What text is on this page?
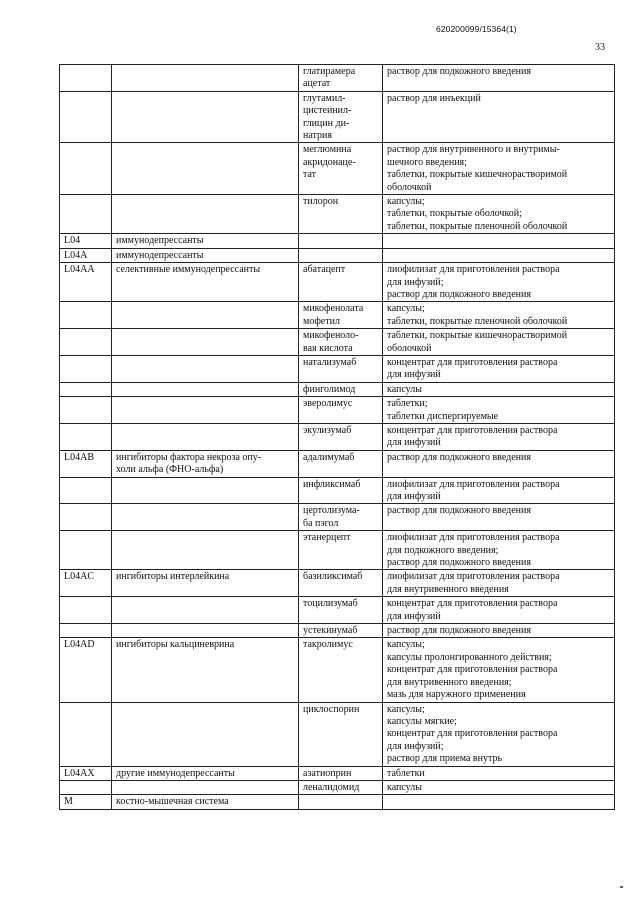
620200099/15364(1)
33

		глатирамера
ацетат	раствор для подкожного введения

		глутамил-
цистеинил-
глицин ди-
натрия	раствор для инъекций

		меглюмина
акридонаце-
тат	раствор для внутривенного и внутримы-
шечного введения;
таблетки, покрытые кишечнорастворимой
оболочкой

		тилорон	капсулы;
таблетки, покрытые оболочкой;
таблетки, покрытые пленочной оболочкой

L04	иммунодепрессанты		

L04A	иммунодепрессанты		

L04AA	селективные иммунодепрессанты	абатацепт	лиофилизат для приготовления раствора
для инфузий;
раствор для подкожного введения

		микофенолата
мофетил	капсулы;
таблетки, покрытые пленочной оболочкой

		микофеноло-
вая кислота	таблетки, покрытые кишечнорастворимой
оболочкой

		натализумаб	концентрат для приготовления раствора
для инфузий

		финголимод	капсулы

		эверолимус	таблетки;
таблетки диспергируемые

		экулизумаб	концентрат для приготовления раствора
для инфузий

L04AB	ингибиторы фактора некроза опу-
холи альфа (ФНО-альфа)	адалимумаб	раствор для подкожного введения

		инфликсимаб	лиофилизат для приготовления раствора
для инфузий

		цертолизума-
ба пэгол	раствор для подкожного введения

		этанерцепт	лиофилизат для приготовления раствора
для подкожного введения;
раствор для подкожного введения

L04AC	ингибиторы интерлейкина	базиликсимаб	лиофилизат для приготовления раствора
для внутривенного введения

		тоцилизумаб	концентрат для приготовления раствора
для инфузий

		устекинумаб	раствор для подкожного введения

L04AD	ингибиторы кальциневрина	такролимус	капсулы;
капсулы пролонгированного действия;
концентрат для приготовления раствора
для внутривенного введения;
мазь для наружного применения

		циклоспорин	капсулы;
капсулы мягкие;
концентрат для приготовления раствора
для инфузий;
раствор для приема внутрь

L04AX	другие иммунодепрессанты	азатиоприн	таблетки

		леналидомид	капсулы

M	костно-мышечная система		
